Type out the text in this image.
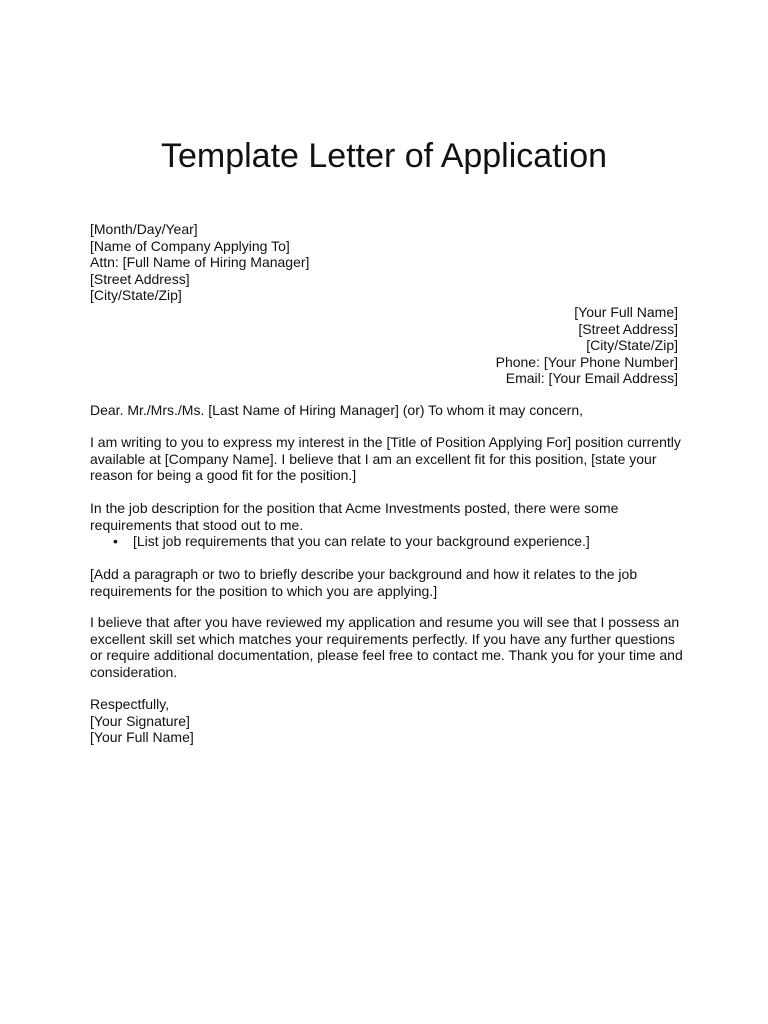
Template Letter of Application
[Month/Day/Year]
[Name of Company Applying To]
Attn: [Full Name of Hiring Manager]
[Street Address]
[City/State/Zip]
[Your Full Name]
[Street Address]
[City/State/Zip]
Phone: [Your Phone Number]
Email: [Your Email Address]

Dear. Mr./Mrs./Ms. [Last Name of Hiring Manager] (or) To whom it may concern,

I am writing to you to express my interest in the [Title of Position Applying For] position currently
available at [Company Name]. I believe that I am an excellent fit for this position, [state your
reason for being a good fit for the position.]

In the job description for the position that Acme Investments posted, there were some
requirements that stood out to me.

• [List job requirements that you can relate to your background experience.]

[Add a paragraph or two to briefly describe your background and how it relates to the job
requirements for the position to which you are applying.]

I believe that after you have reviewed my application and resume you will see that I possess an
excellent skill set which matches your requirements perfectly. If you have any further questions
or require additional documentation, please feel free to contact me. Thank you for your time and
consideration.

Respectfully,
[Your Signature]
[Your Full Name]
